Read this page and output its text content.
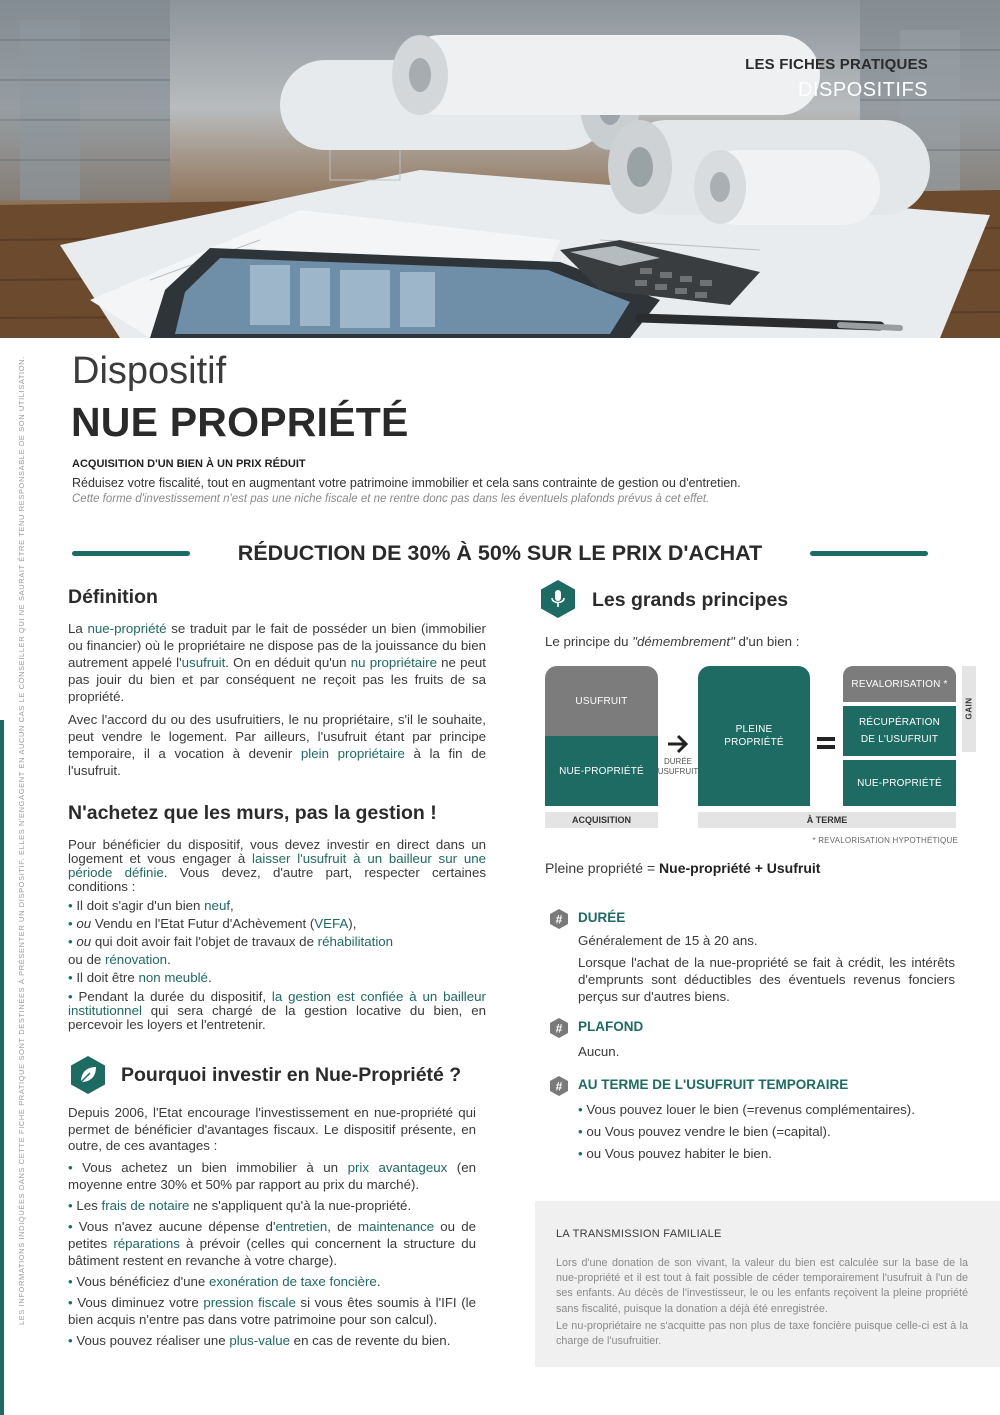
LES FICHES PRATIQUES
DISPOSITIFS
LES INFORMATIONS INDIQUÉES DANS CETTE FICHE PRATIQUE SONT DESTINÉES À PRÉSENTER UN DISPOSITIF. ELLES N'ENGAGENT EN AUCUN CAS LE CONSEILLER QUI NE SAURAIT ÊTRE TENU RESPONSABLE DE SON UTILISATION. Dispositif
NUE PROPRIÉTÉ
ACQUISITION D'UN BIEN À UN PRIX RÉDUIT
Réduisez votre fiscalité, tout en augmentant votre patrimoine immobilier et cela sans contrainte de gestion ou d'entretien.
Cette forme d'investissement n'est pas une niche fiscale et ne rentre donc pas dans les éventuels plafonds prévus à cet effet.
RÉDUCTION DE 30% À 50% SUR LE PRIX D'ACHAT
Définition

La nue-propriété se traduit par le fait de posséder un bien (immobilier ou financier) où le propriétaire ne dispose pas de la jouissance du bien autrement appelé l'usufruit. On en déduit qu'un nu propriétaire ne peut pas jouir du bien et par conséquent ne reçoit pas les fruits de sa propriété.

Avec l'accord du ou des usufruitiers, le nu propriétaire, s'il le souhaite, peut vendre le logement. Par ailleurs, l'usufruit étant par principe temporaire, il a vocation à devenir plein propriétaire à la fin de l'usufruit.

N'achetez que les murs, pas la gestion !

Pour bénéficier du dispositif, vous devez investir en direct dans un logement et vous engager à laisser l'usufruit à un bailleur sur une période définie. Vous devez, d'autre part, respecter certaines conditions :

• Il doit s'agir d'un bien neuf,

• ou Vendu en l'Etat Futur d'Achèvement (VEFA),

• ou qui doit avoir fait l'objet de travaux de réhabilitation

ou de rénovation.

• Il doit être non meublé.

• Pendant la durée du dispositif, la gestion est confiée à un bailleur institutionnel qui sera chargé de la gestion locative du bien, en percevoir les loyers et l'entretenir.

Pourquoi investir en Nue-Propriété ?

Depuis 2006, l'Etat encourage l'investissement en nue-propriété qui permet de bénéficier d'avantages fiscaux. Le dispositif présente, en outre, de ces avantages :

• Vous achetez un bien immobilier à un prix avantageux (en moyenne entre 30% et 50% par rapport au prix du marché).

• Les frais de notaire ne s'appliquent qu'à la nue-propriété.

• Vous n'avez aucune dépense d'entretien, de maintenance ou de petites réparations à prévoir (celles qui concernent la structure du bâtiment restent en revanche à votre charge).

• Vous bénéficiez d'une exonération de taxe foncière.

• Vous diminuez votre pression fiscale si vous êtes soumis à l'IFI (le bien acquis n'entre pas dans votre patrimoine pour son calcul).

• Vous pouvez réaliser une plus-value en cas de revente du bien.

Les grands principes

Le principe du "démembrement" d'un bien :

USUFRUIT
NUE-PROPRIÉTÉ
DURÉE USUFRUIT
PLEINE PROPRIÉTÉ
REVALORISATION *
RÉCUPÉRATION DE L'USUFRUIT
NUE-PROPRIÉTÉ
GAIN
ACQUISITION	À TERME
* REVALORISATION HYPOTHÉTIQUE

Pleine propriété = Nue-propriété + Usufruit

# DURÉE

Généralement de 15 à 20 ans.

Lorsque l'achat de la nue-propriété se fait à crédit, les intérêts d'emprunts sont déductibles des éventuels revenus fonciers perçus sur d'autres biens.

# PLAFOND

Aucun.

# AU TERME DE L'USUFRUIT TEMPORAIRE

• Vous pouvez louer le bien (=revenus complémentaires).

• ou Vous pouvez vendre le bien (=capital).

• ou Vous pouvez habiter le bien.

LA TRANSMISSION FAMILIALE

Lors d'une donation de son vivant, la valeur du bien est calculée sur la base de la nue-propriété et il est tout à fait possible de céder temporairement l'usufruit à l'un de ses enfants. Au décès de l'investisseur, le ou les enfants reçoivent la pleine propriété sans fiscalité, puisque la donation a déjà été enregistrée.

Le nu-propriétaire ne s'acquitte pas non plus de taxe foncière puisque celle-ci est à la charge de l'usufruitier.
